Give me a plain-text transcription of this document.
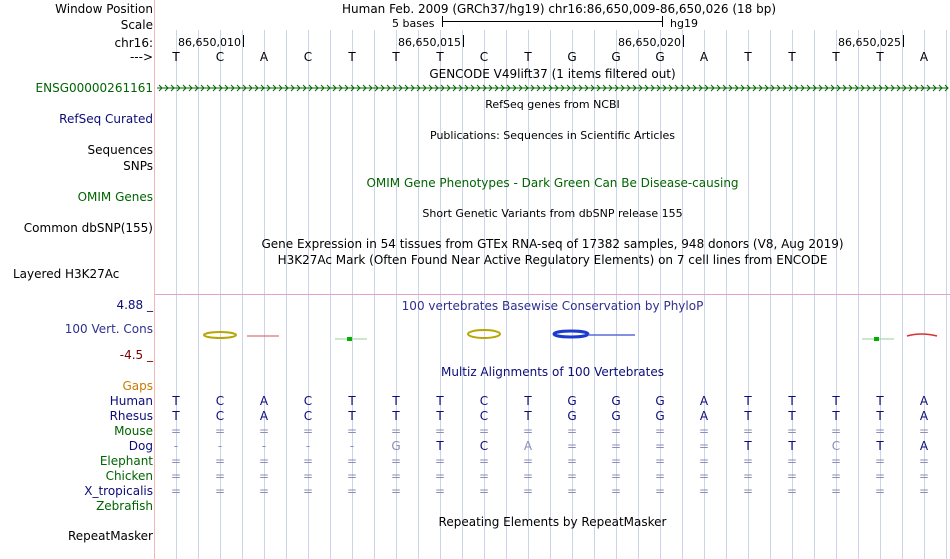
Window Position	Human Feb. 2009 (GRCh37/hg19) chr16:86,650,009-86,650,026 (18 bp)
Scale	5 bases	hg19
chr16: 86,650,010	86,650,015	86,650,020	86,650,025
---> T	C	A	C	T	T	T	C	T	G	G	G	A	T	T	T	T	A
GENCODE V49lift37 (1 items filtered out)
ENSG00000261161
RefSeq genes from NCBI
RefSeq Curated
Publications: Sequences in Scientific Articles
Sequences
SNPs
OMIM Gene Phenotypes - Dark Green Can Be Disease-causing
OMIM Genes
Short Genetic Variants from dbSNP release 155
Common dbSNP(155)
Gene Expression in 54 tissues from GTEx RNA-seq of 17382 samples, 948 donors (V8, Aug 2019)
H3K27Ac Mark (Often Found Near Active Regulatory Elements) on 7 cell lines from ENCODE
Layered H3K27Ac
100 vertebrates Basewise Conservation by PhyloP
4.88 _
100 Vert. Cons
-4.5 _
Multiz Alignments of 100 Vertebrates
Gaps
Human T	C	A	C	T	T	T	C	T	G	G	G	A	T	T	T	T	A
Rhesus T	C	A	C	T	T	T	C	T	G	G	G	A	T	T	T	T	A
Mouse =	=	=	=	=	=	=	=	=	=	=	=	=	=	=	=	=	=
Dog	-	-	-	-	-	G	T	C	A	=	=	=	=	T	T	C	T	A
Elephant =	=	=	=	=	=	=	=	=	=	=	=	=	=	=	=	=	=
Chicken =	=	=	=	=	=	=	=	=	=	=	=	=	=	=	=	=	=
X_tropicalis =	=	=	=	=	=	=	=	=	=	=	=	=	=	=	=	=	=
Zebrafish
Repeating Elements by RepeatMasker
RepeatMasker
